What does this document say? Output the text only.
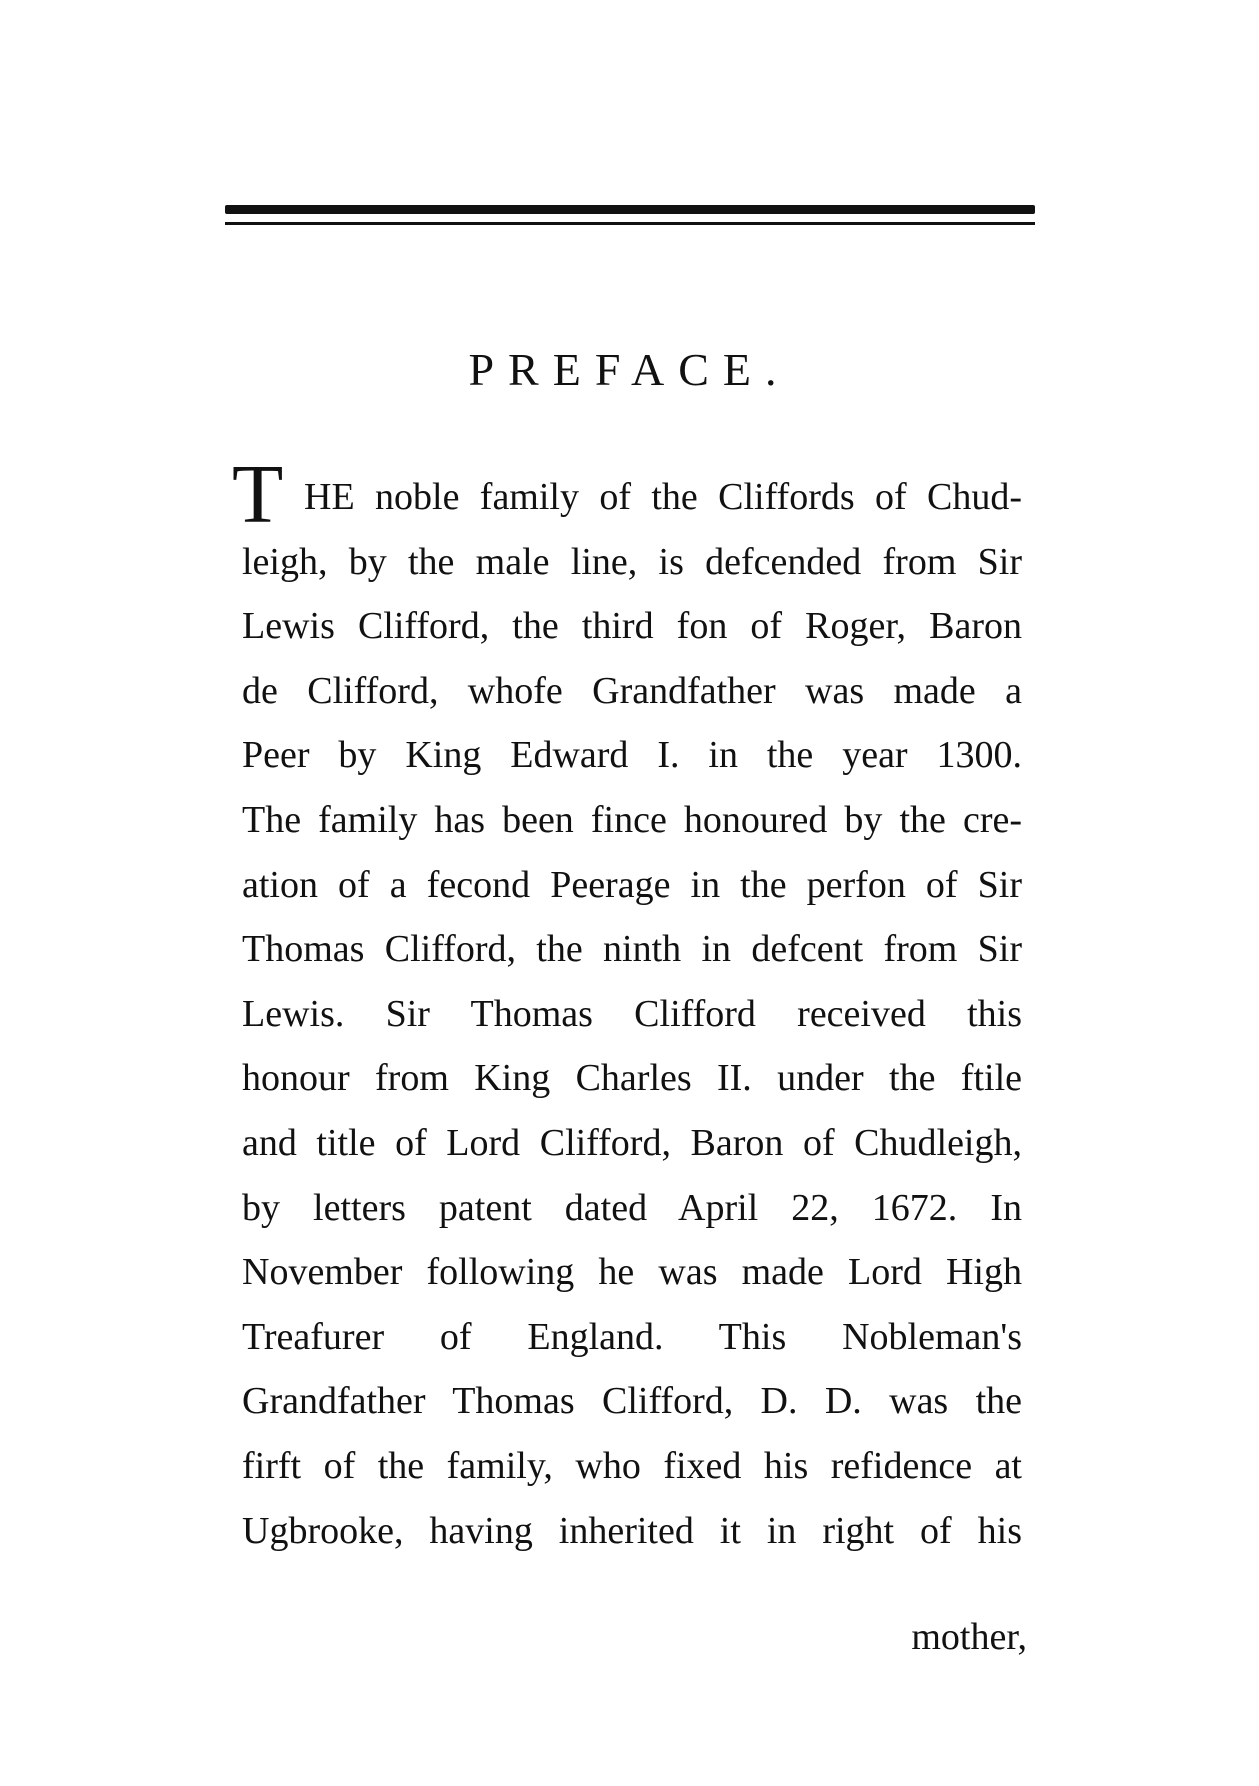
PREFACE.
T HE noble family of the Cliffords of Chud-
leigh, by the male line, is defcended from Sir
Lewis Clifford, the third fon of Roger, Baron
de Clifford, whofe Grandfather was made a
Peer by King Edward I. in the year 1300.
The family has been fince honoured by the cre-
ation of a fecond Peerage in the perfon of Sir
Thomas Clifford, the ninth in defcent from Sir
Lewis. Sir Thomas Clifford received this
honour from King Charles II. under the ftile
and title of Lord Clifford, Baron of Chudleigh,
by letters patent dated April 22, 1672. In
November following he was made Lord High
Treafurer of England. This Nobleman's
Grandfather Thomas Clifford, D. D. was the
firft of the family, who fixed his refidence at
Ugbrooke, having inherited it in right of his
mother,
